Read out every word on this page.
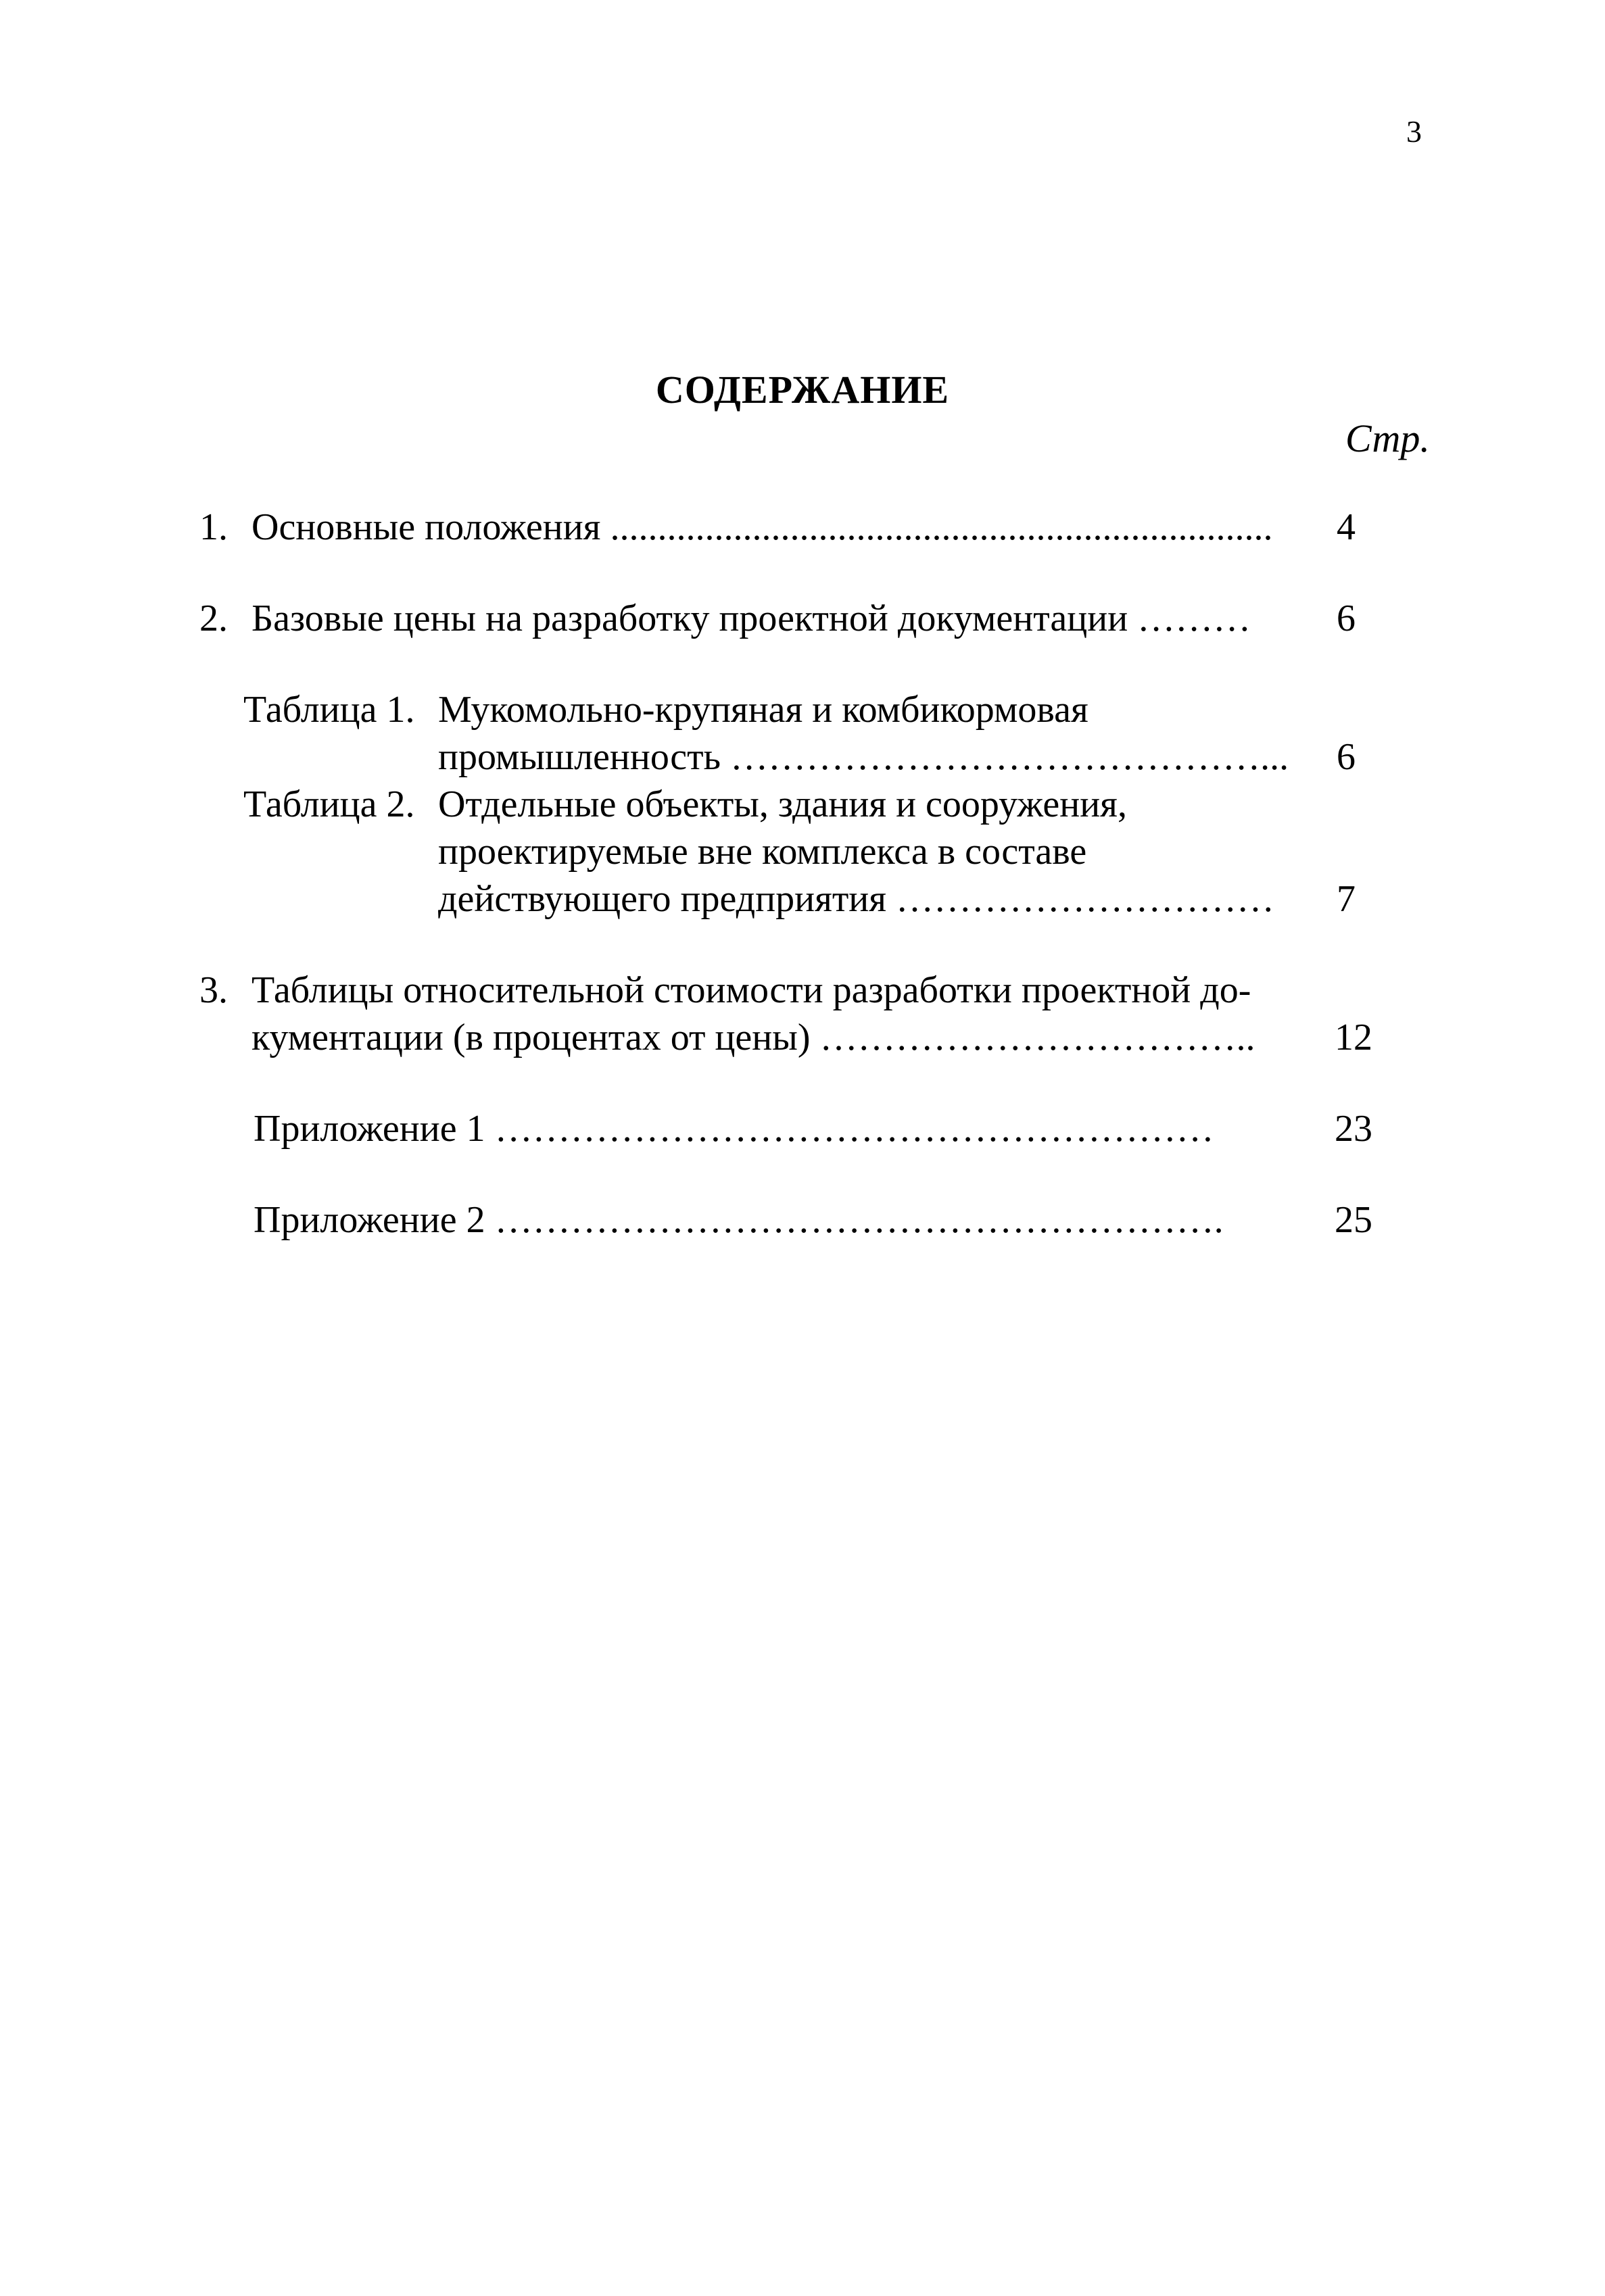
3
СОДЕРЖАНИЕ
Стр.
1. Основные положения ......................................................................	4
2. Базовые цены на разработку проектной документации ………	6
Таблица 1. Мукомольно-крупяная и комбикормовая
промышленность ……………………………………...	6
Таблица 2. Отдельные объекты, здания и сооружения,
проектируемые вне комплекса в составе
действующего предприятия …………………………	7
3. Таблицы относительной стоимости разработки проектной до-
кументации (в процентах от цены) ……………………………..	12
Приложение 1 …………………………………………………	23
Приложение 2 ………………………………………………….	25
